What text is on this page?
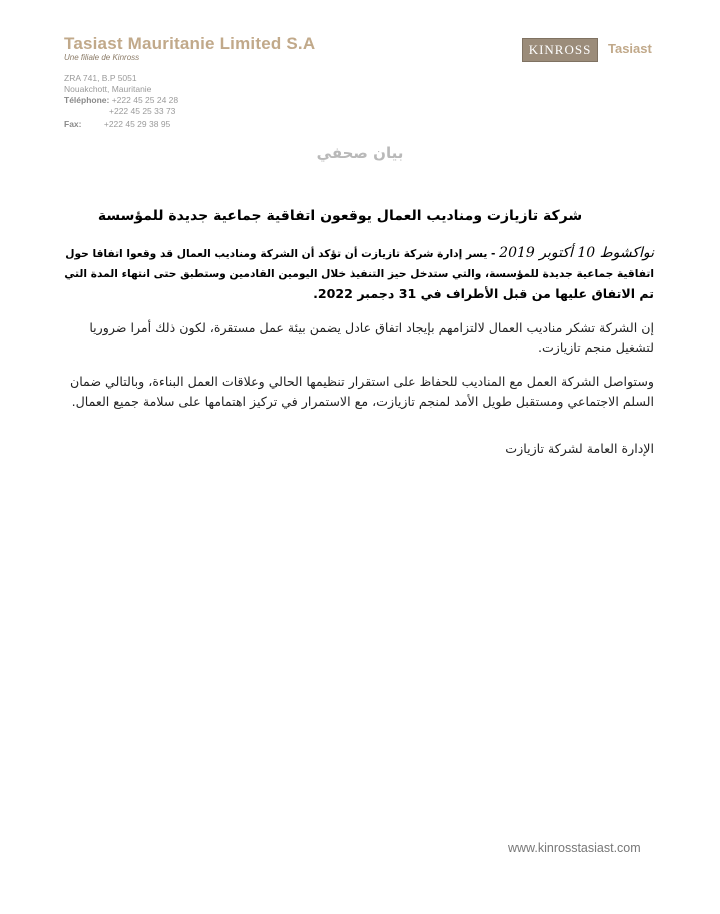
Tasiast Mauritanie Limited S.A
Une filiale de Kinross
KINROSS	Tasiast
ZRA 741, B.P 5051
Nouakchott, Mauritanie
Téléphone: +222 45 25 24 28
+222 45 25 33 73
Fax:	+222 45 29 38 95
بيان صحفي
شركة تازيازت ومناديب العمال يوقعون اتفاقية جماعية جديدة للمؤسسة
نواكشوط 10 أكتوبر 2019 - يسر إدارة شركة تازيازت أن تؤكد أن الشركة ومناديب العمال قد وقعوا اتفاقا حول
اتفاقية جماعية جديدة للمؤسسة، والتي ستدخل حيز التنفيذ خلال اليومين القادمين وستطبق حتى انتهاء المدة التي
تم الاتفاق عليها من قبل الأطراف في 31 دجمبر 2022.
إن الشركة تشكر مناديب العمال لالتزامهم بإيجاد اتفاق عادل يضمن بيئة عمل مستقرة، لكون ذلك أمرا ضروريا
لتشغيل منجم تازيازت.
وستواصل الشركة العمل مع المناديب للحفاظ على استقرار تنظيمها الحالي وعلاقات العمل البناءة، وبالتالي ضمان
السلم الاجتماعي ومستقبل طويل الأمد لمنجم تازيازت، مع الاستمرار في تركيز اهتمامها على سلامة جميع العمال.
الإدارة العامة لشركة تازيازت
www.kinrosstasiast.com
